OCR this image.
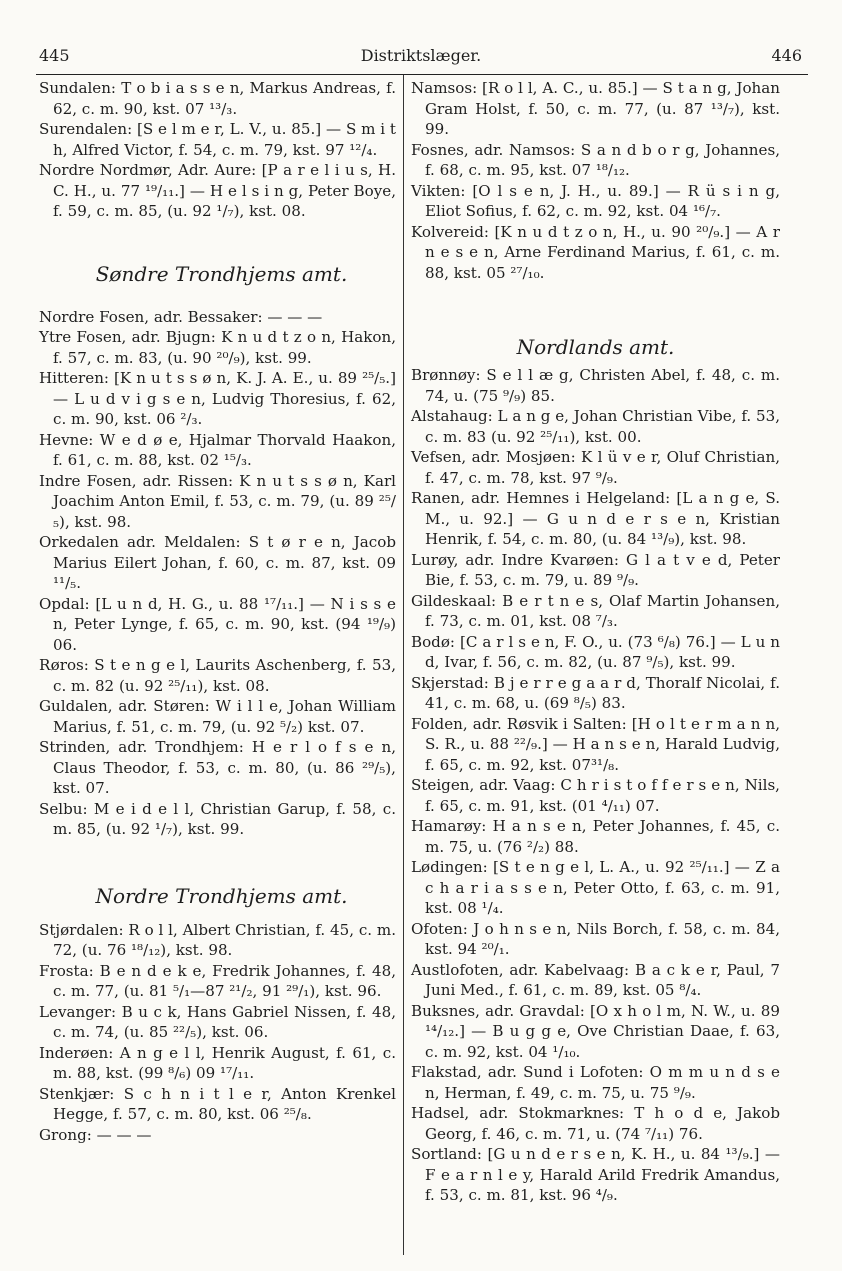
Distriktslæger.
445	446

Sundalen: T o b i a s s e n, Markus Andreas, f. 62, c. m. 90, kst. 07 ¹³/₃.

Surendalen: [S e l m e r, L. V., u. 85.] — S m i t h, Alfred Victor, f. 54, c. m. 79, kst. 97 ¹²/₄.

Nordre Nordmør, Adr. Aure: [P a r e l i u s, H. C. H., u. 77 ¹⁹/₁₁.] — H e l s i n g, Peter Boye, f. 59, c. m. 85, (u. 92 ¹/₇), kst. 08.

Søndre Trondhjems amt.

Nordre Fosen, adr. Bessaker: — — —

Ytre Fosen, adr. Bjugn: K n u d t z o n, Hakon, f. 57, c. m. 83, (u. 90 ²⁰/₉), kst. 99.

Hitteren: [K n u t s s ø n, K. J. A. E., u. 89 ²⁵/₅.] — L u d v i g s e n, Ludvig Thoresius, f. 62, c. m. 90, kst. 06 ²/₃.

Hevne: W e d ø e, Hjalmar Thorvald Haakon, f. 61, c. m. 88, kst. 02 ¹⁵/₃.

Indre Fosen, adr. Rissen: K n u t s s ø n, Karl Joachim Anton Emil, f. 53, c. m. 79, (u. 89 ²⁵/₅), kst. 98.

Orkedalen adr. Meldalen: S t ø r e n, Jacob Marius Eilert Johan, f. 60, c. m. 87, kst. 09 ¹¹/₅.

Opdal: [L u n d, H. G., u. 88 ¹⁷/₁₁.] — N i s s e n, Peter Lynge, f. 65, c. m. 90, kst. (94 ¹⁹/₉) 06.

Røros: S t e n g e l, Laurits Aschenberg, f. 53, c. m. 82 (u. 92 ²⁵/₁₁), kst. 08.

Guldalen, adr. Støren: W i l l e, Johan William Marius, f. 51, c. m. 79, (u. 92 ⁵/₂) kst. 07.

Strinden, adr. Trondhjem: H e r l o f s e n, Claus Theodor, f. 53, c. m. 80, (u. 86 ²⁹/₅), kst. 07.

Selbu: M e i d e l l, Christian Garup, f. 58, c. m. 85, (u. 92 ¹/₇), kst. 99.

Nordre Trondhjems amt.

Stjørdalen: R o l l, Albert Christian, f. 45, c. m. 72, (u. 76 ¹⁸/₁₂), kst. 98.

Frosta: B e n d e k e, Fredrik Johannes, f. 48, c. m. 77, (u. 81 ⁵/₁—87 ²¹/₂, 91 ²⁹/₁), kst. 96.

Levanger: B u c k, Hans Gabriel Nissen, f. 48, c. m. 74, (u. 85 ²²/₅), kst. 06.

Inderøen: A n g e l l, Henrik August, f. 61, c. m. 88, kst. (99 ⁸/₆) 09 ¹⁷/₁₁.

Stenkjær: S c h n i t l e r, Anton Krenkel Hegge, f. 57, c. m. 80, kst. 06 ²⁵/₈.

Grong: — — —

Namsos: [R o l l, A. C., u. 85.] — S t a n g, Johan Gram Holst, f. 50, c. m. 77, (u. 87 ¹³/₇), kst. 99.

Fosnes, adr. Namsos: S a n d b o r g, Johannes, f. 68, c. m. 95, kst. 07 ¹⁸/₁₂.

Vikten: [O l s e n, J. H., u. 89.] — R ü s i n g, Eliot Sofius, f. 62, c. m. 92, kst. 04 ¹⁶/₇.

Kolvereid: [K n u d t z o n, H., u. 90 ²⁰/₉.] — A r n e s e n, Arne Ferdinand Marius, f. 61, c. m. 88, kst. 05 ²⁷/₁₀.

Nordlands amt.

Brønnøy: S e l l æ g, Christen Abel, f. 48, c. m. 74, u. (75 ⁹/₉) 85.

Alstahaug: L a n g e, Johan Christian Vibe, f. 53, c. m. 83 (u. 92 ²⁵/₁₁), kst. 00.

Vefsen, adr. Mosjøen: K l ü v e r, Oluf Christian, f. 47, c. m. 78, kst. 97 ⁹/₉.

Ranen, adr. Hemnes i Helgeland: [L a n g e, S. M., u. 92.] — G u n d e r s e n, Kristian Henrik, f. 54, c. m. 80, (u. 84 ¹³/₉), kst. 98.

Lurøy, adr. Indre Kvarøen: G l a t v e d, Peter Bie, f. 53, c. m. 79, u. 89 ⁹/₉.

Gildeskaal: B e r t n e s, Olaf Martin Johansen, f. 73, c. m. 01, kst. 08 ⁷/₃.

Bodø: [C a r l s e n, F. O., u. (73 ⁶/₈) 76.] — L u n d, Ivar, f. 56, c. m. 82, (u. 87 ⁹/₅), kst. 99.

Skjerstad: B j e r r e g a a r d, Thoralf Nicolai, f. 41, c. m. 68, u. (69 ⁸/₅) 83.

Folden, adr. Røsvik i Salten: [H o l t e r m a n n, S. R., u. 88 ²²/₉.] — H a n s e n, Harald Ludvig, f. 65, c. m. 92, kst. 07³¹/₈.

Steigen, adr. Vaag: C h r i s t o f f e r s e n, Nils, f. 65, c. m. 91, kst. (01 ⁴/₁₁) 07.

Hamarøy: H a n s e n, Peter Johannes, f. 45, c. m. 75, u. (76 ²/₂) 88.

Lødingen: [S t e n g e l, L. A., u. 92 ²⁵/₁₁.] — Z a c h a r i a s s e n, Peter Otto, f. 63, c. m. 91, kst. 08 ¹/₄.

Ofoten: J o h n s e n, Nils Borch, f. 58, c. m. 84, kst. 94 ²⁰/₁.

Austlofoten, adr. Kabelvaag: B a c k e r, Paul, 7 Juni Med., f. 61, c. m. 89, kst. 05 ⁸/₄.

Buksnes, adr. Gravdal: [O x h o l m, N. W., u. 89 ¹⁴/₁₂.] — B u g g e, Ove Christian Daae, f. 63, c. m. 92, kst. 04 ¹/₁₀.

Flakstad, adr. Sund i Lofoten: O m m u n d s e n, Herman, f. 49, c. m. 75, u. 75 ⁹/₉.

Hadsel, adr. Stokmarknes: T h o d e, Jakob Georg, f. 46, c. m. 71, u. (74 ⁷/₁₁) 76.

Sortland: [G u n d e r s e n, K. H., u. 84 ¹³/₉.] — F e a r n l e y, Harald Arild Fredrik Amandus, f. 53, c. m. 81, kst. 96 ⁴/₉.
